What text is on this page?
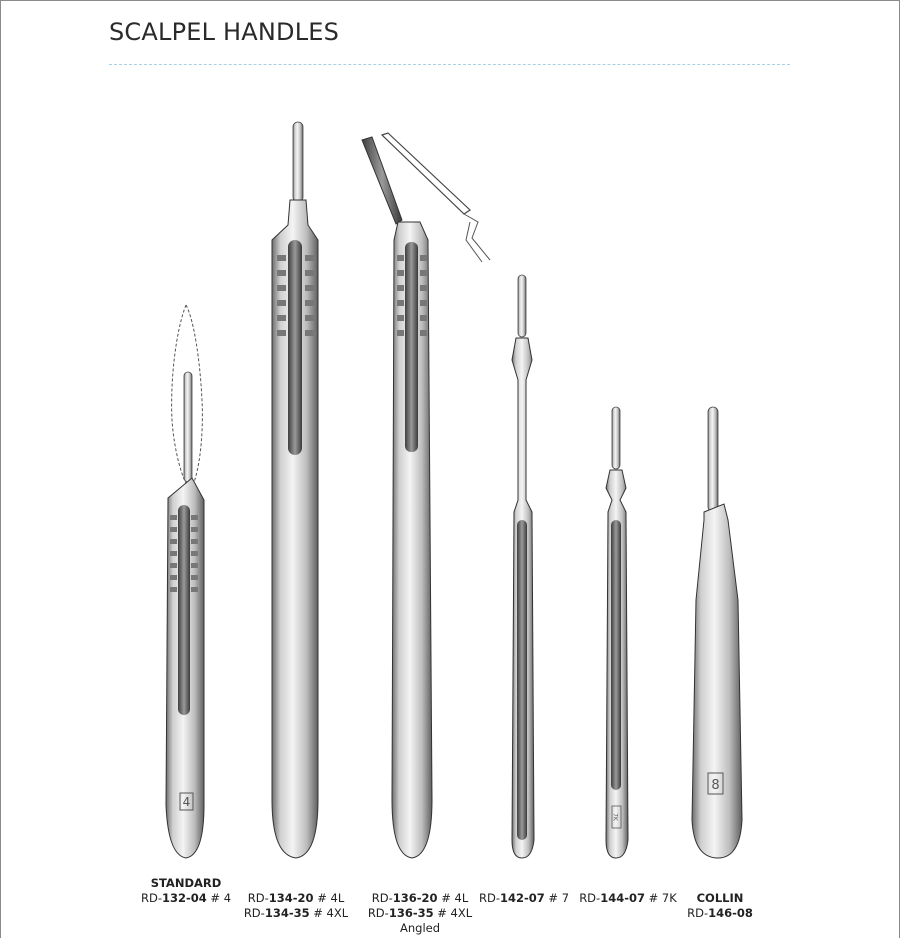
SCALPEL HANDLES
4
7K
8
STANDARD
RD-132-04 # 4	RD-134-20 # 4L
RD-134-35 # 4XL
RD-136-20 # 4L
RD-136-35 # 4XL
Angled
RD-142-07 # 7 RD-144-07 # 7K	COLLIN
RD-146-08
